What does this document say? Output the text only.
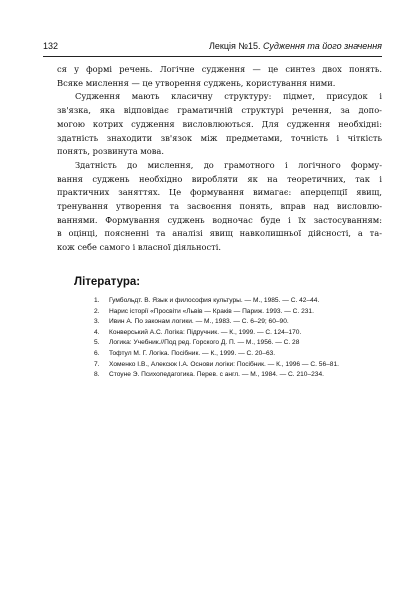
132	Лекція №15. Судження та його значення

ся у формі речень. Логічне судження — це синтез двох понять.
Всяке мислення — це утворення суджень, користування ними.

Судження мають класичну структуру: підмет, присудок і
зв'язка, яка відповідає граматичній структурі речення, за допо-
могою котрих судження висловлюються. Для судження необхідні:
здатність знаходити зв'язок між предметами, точність і чіткість
понять, розвинута мова.

Здатність до мислення, до грамотного і логічного форму-
вання суджень необхідно виробляти як на теоретичних, так і
практичних заняттях. Це формування вимагає: аперцепції явищ,
тренування утворення та засвоєння понять, вправ над висловлю-
ваннями. Формування суджень водночас буде і їх застосуванням:
в оцінці, поясненні та аналізі явищ навколишньої дійсності, а та-
кож себе самого і власної діяльності.

Література:
1. Гумбольдт. В. Язык и философия культуры. — М., 1985. — С. 42–44.
2. Нарис історії «Просвіти «Львів — Краків — Париж. 1993. — С. 231.
3. Ивин А. По законам логики. — М., 1983. — С. 6–29; 60–90.
4. Конверський А.С. Логіка: Підручник. — К., 1999. — С. 124–170.
5. Логика: Учебник.//Под ред. Горского Д. П. — М., 1956. — С. 28
6. Тофтул М. Г. Логіка. Посібник. — К., 1999. — С. 20–63.
7. Хоменко І.В., Алексюк І.А. Основи логіки: Посібник. — К., 1996 — С. 56–81.
8. Стоуне Э. Психопедагогика. Перев. с англ. — М., 1984. — С. 210–234.
